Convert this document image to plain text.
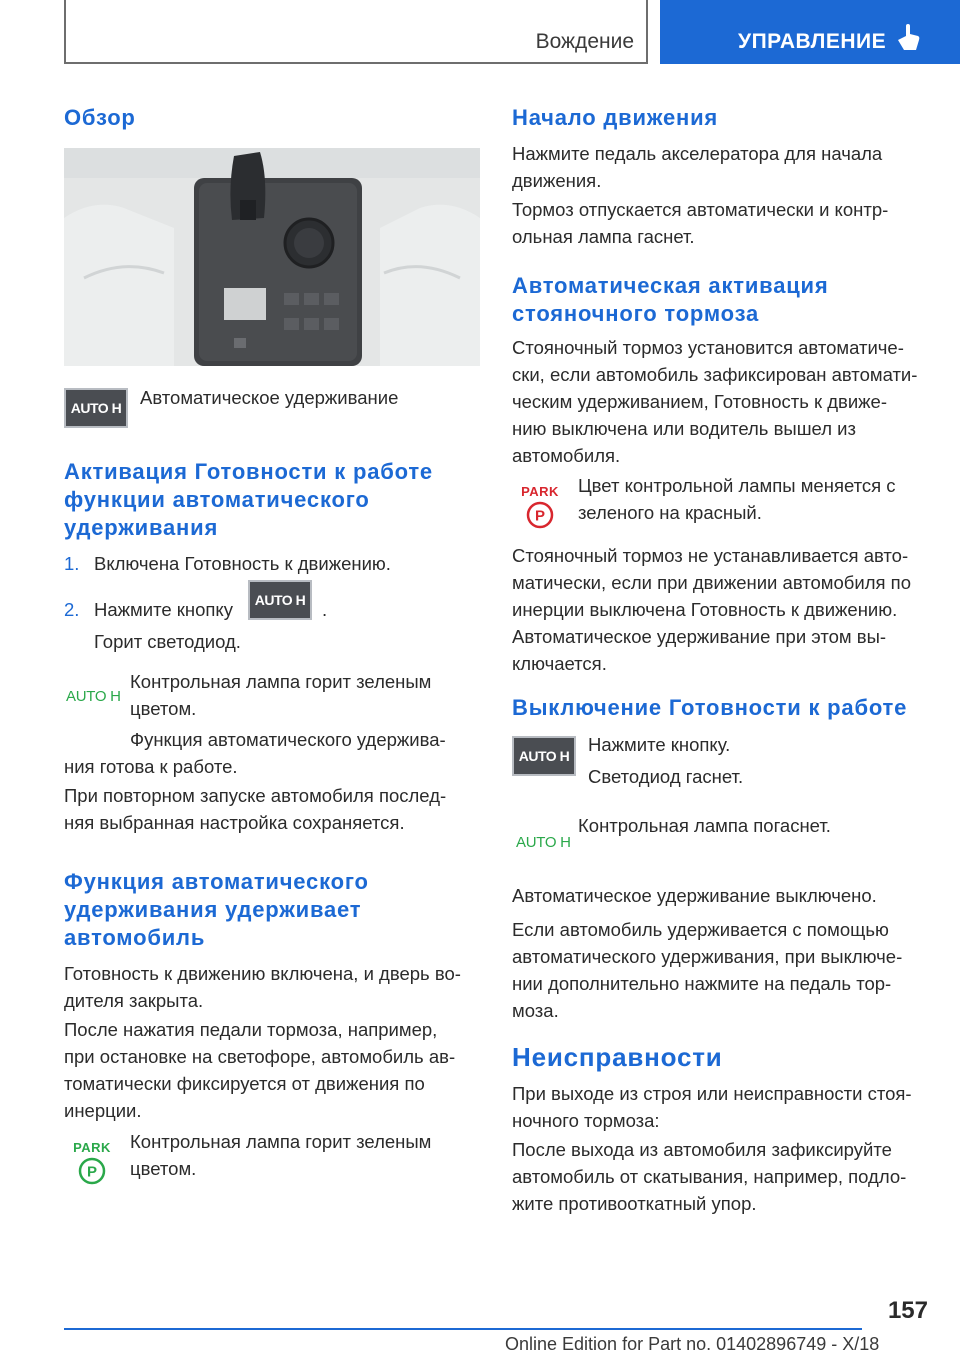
Вождение	УПРАВЛЕНИЕ
Обзор
AUTO H	Автоматическое удерживание

Активация Готовности к работе
функции автоматического
удерживания

1. Включена Готовность к движению.

2. Нажмите кнопку	AUTO H .

Горит светодиод.

AUTO H

Контрольная лампа горит зеленым

цветом.

Функция автоматического удержива-

ния готова к работе.

При повторном запуске автомобиля послед-

няя выбранная настройка сохраняется.

Функция автоматического
удерживания удерживает
автомобиль

Готовность к движению включена, и дверь во-

дителя закрыта.

После нажатия педали тормоза, например,

при остановке на светофоре, автомобиль ав-

томатически фиксируется от движения по

инерции.

PARK
P

Контрольная лампа горит зеленым

цветом.

Начало движения

Нажмите педаль акселератора для начала

движения.

Тормоз отпускается автоматически и контр-

ольная лампа гаснет.

Автоматическая активация
стояночного тормоза

Стояночный тормоз установится автоматиче-

ски, если автомобиль зафиксирован автомати-

ческим удерживанием, Готовность к движе-

нию выключена или водитель вышел из

автомобиля.

PARK
P

Цвет контрольной лампы меняется с

зеленого на красный.

Стояночный тормоз не устанавливается авто-

матически, если при движении автомобиля по

инерции выключена Готовность к движению.

Автоматическое удерживание при этом вы-

ключается.

Выключение Готовности к работе
AUTO H

Нажмите кнопку.

Светодиод гаснет.

AUTO H

Контрольная лампа погаснет.

Автоматическое удерживание выключено.

Если автомобиль удерживается с помощью

автоматического удерживания, при выключе-

нии дополнительно нажмите на педаль тор-

моза.

Неисправности

При выходе из строя или неисправности стоя-

ночного тормоза:

После выхода из автомобиля зафиксируйте

автомобиль от скатывания, например, подло-

жите противооткатный упор.

157
Online Edition for Part no. 01402896749 - X/18
